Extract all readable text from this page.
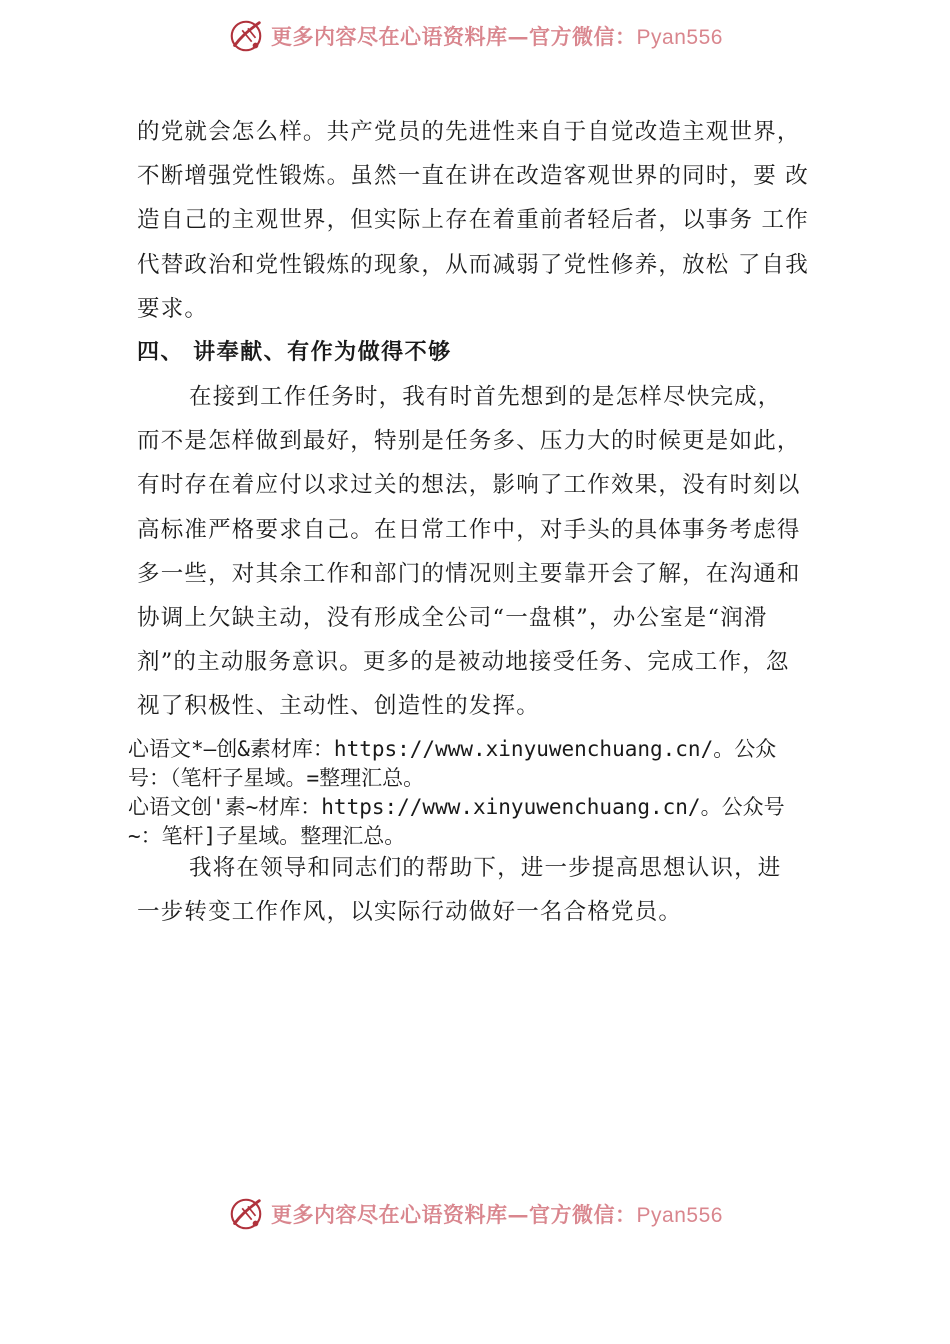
更多内容尽在心语资料库—官方微信：Pyan556

的党就会怎么样。共产党员的先进性来自于自觉改造主观世界，

不断增强党性锻炼。虽然一直在讲在改造客观世界的同时，要 改

造自己的主观世界，但实际上存在着重前者轻后者，以事务 工作

代替政治和党性锻炼的现象，从而减弱了党性修养，放松 了自我

要求。

四、 讲奉献、有作为做得不够

在接到工作任务时，我有时首先想到的是怎样尽快完成，

而不是怎样做到最好，特别是任务多、压力大的时候更是如此，

有时存在着应付以求过关的想法，影响了工作效果，没有时刻以

高标准严格要求自己。在日常工作中，对手头的具体事务考虑得

多一些，对其余工作和部门的情况则主要靠开会了解，在沟通和

协调上欠缺主动，没有形成全公司“一盘棋”，办公室是“润滑

剂”的主动服务意识。更多的是被动地接受任务、完成工作，忽

视了积极性、主动性、创造性的发挥。

心语文*—创&素材库：https://www.xinyuwenchuang.cn/。公众

号：（笔杆子星域。=整理汇总。

心语文创'素~材库：https://www.xinyuwenchuang.cn/。公众号

~：笔杆]子星域。整理汇总。

我将在领导和同志们的帮助下，进一步提高思想认识，进

一步转变工作作风，以实际行动做好一名合格党员。

更多内容尽在心语资料库—官方微信：Pyan556
